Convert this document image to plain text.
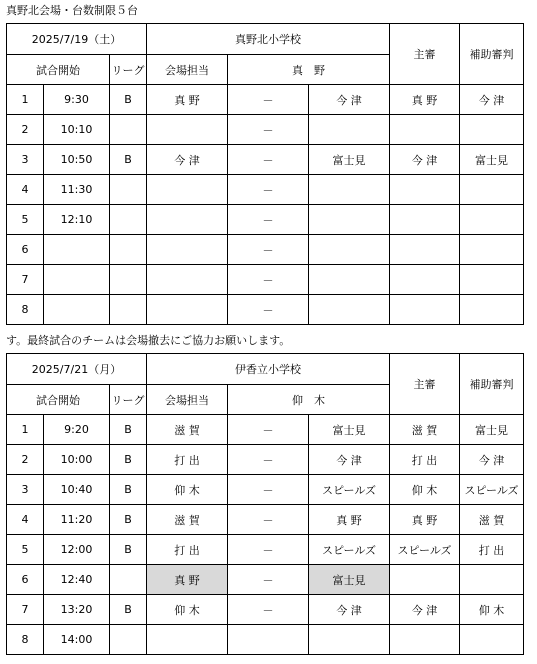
真野北会場・台数制限５台
2025/7/19（土）			真野北小学校			主審	補助審判
試合開始		リーグ	会場担当	真　野			
1	9:30	B	真 野	－	今 津	真 野	今 津
2	10:10			－			
3	10:50	B	今 津	－	富士見	今 津	富士見
4	11:30			－			
5	12:10			－			
6				－			
7				－			
8				－			
す。最終試合のチームは会場撤去にご協力お願いします。
2025/7/21（月）			伊香立小学校			主審	補助審判
試合開始		リーグ	会場担当	仰　木			
1	9:20	B	滋 賀	－	富士見	滋 賀	富士見
2	10:00	B	打 出	－	今 津	打 出	今 津
3	10:40	B	仰 木	－	スピールズ	仰 木	スピールズ
4	11:20	B	滋 賀	－	真 野	真 野	滋 賀
5	12:00	B	打 出	－	スピールズ	スピールズ	打 出
6	12:40		真 野	－	富士見		
7	13:20	B	仰 木	－	今 津	今 津	仰 木
8	14:00						
